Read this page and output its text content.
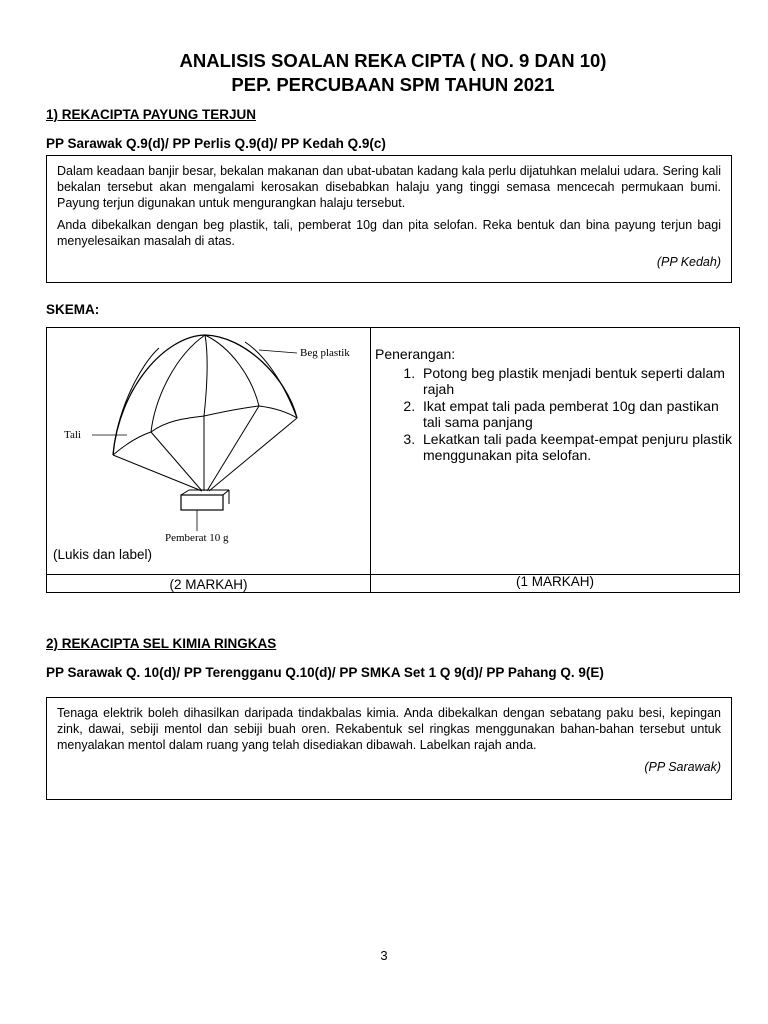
ANALISIS SOALAN REKA CIPTA ( NO. 9 DAN 10)
PEP. PERCUBAAN SPM TAHUN 2021
1) REKACIPTA PAYUNG TERJUN
PP Sarawak Q.9(d)/ PP Perlis Q.9(d)/ PP Kedah Q.9(c)

Dalam keadaan banjir besar, bekalan makanan dan ubat-ubatan kadang kala perlu dijatuhkan melalui udara. Sering kali bekalan tersebut akan mengalami kerosakan disebabkan halaju yang tinggi semasa mencecah permukaan bumi. Payung terjun digunakan untuk mengurangkan halaju tersebut.

Anda dibekalkan dengan beg plastik, tali, pemberat 10g dan pita selofan. Reka bentuk dan bina payung terjun bagi menyelesaikan masalah di atas.

(PP Kedah)
SKEMA:
Beg plastik
Tali
Pemberat 10 g
(Lukis dan label)
Penerangan:
1. Potong beg plastik menjadi bentuk seperti dalam rajah
2. Ikat empat tali pada pemberat 10g dan pastikan tali sama panjang
3. Lekatkan tali pada keempat-empat penjuru plastik menggunakan pita selofan.
(2 MARKAH)	(1 MARKAH)
2) REKACIPTA SEL KIMIA RINGKAS
PP Sarawak Q. 10(d)/ PP Terengganu Q.10(d)/ PP SMKA Set 1 Q 9(d)/ PP Pahang Q. 9(E)

Tenaga elektrik boleh dihasilkan daripada tindakbalas kimia. Anda dibekalkan dengan sebatang paku besi, kepingan zink, dawai, sebiji mentol dan sebiji buah oren. Rekabentuk sel ringkas menggunakan bahan-bahan tersebut untuk menyalakan mentol dalam ruang yang telah disediakan dibawah. Labelkan rajah anda.

(PP Sarawak)
3
